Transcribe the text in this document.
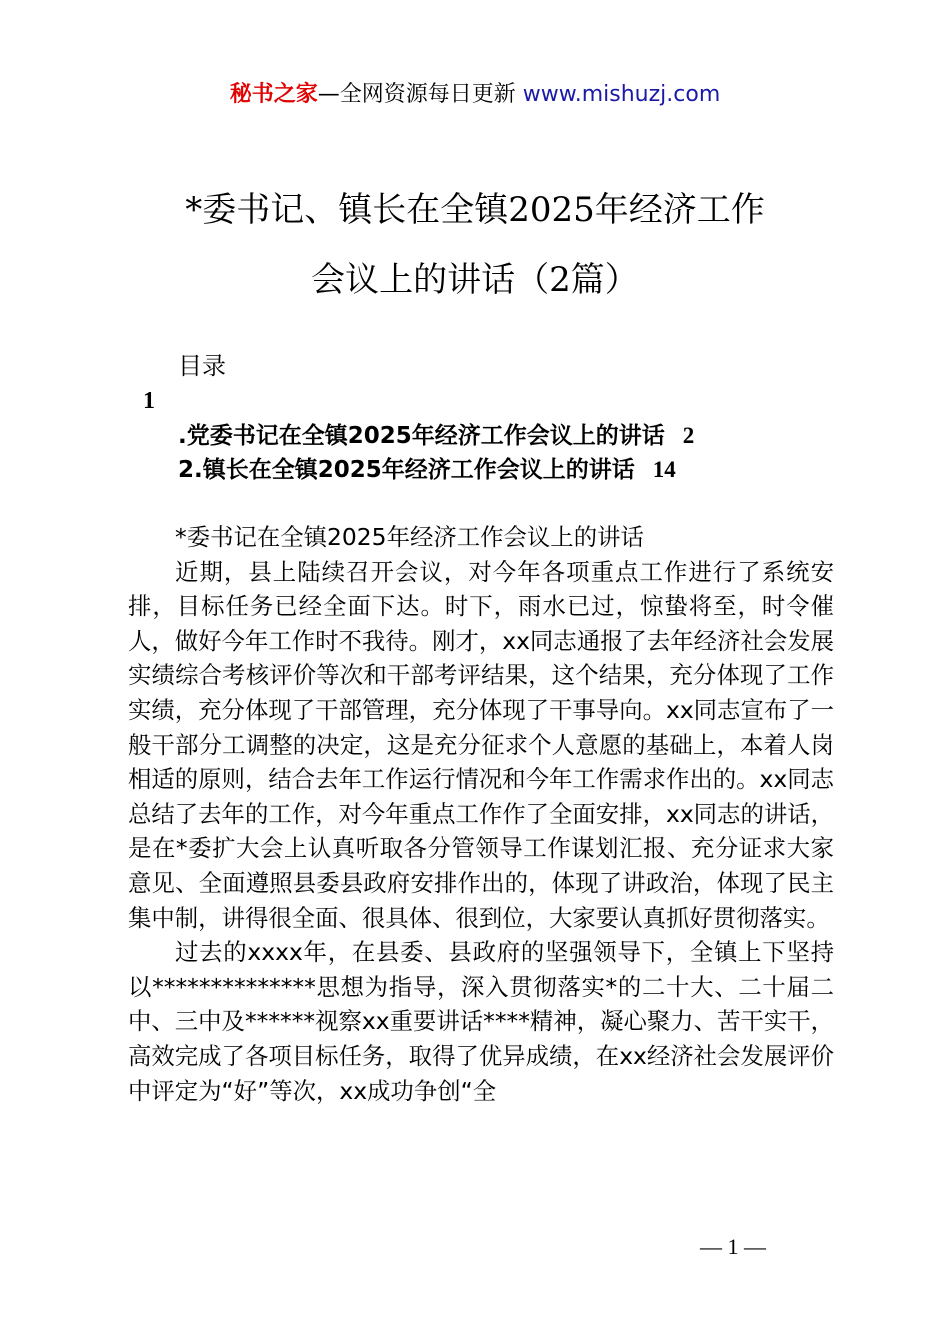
秘书之家—全网资源每日更新 www.mishuzj.com
*委书记、镇长在全镇2025年经济工作
会议上的讲话（2篇）
目录
1
.党委书记在全镇2025年经济工作会议上的讲话 2
2.镇长在全镇2025年经济工作会议上的讲话 14

*委书记在全镇2025年经济工作会议上的讲话

近期，县上陆续召开会议，对今年各项重点工作进行了系统安排，目标任务已经全面下达。时下，雨水已过，惊蛰将至，时令催人，做好今年工作时不我待。刚才，xx同志通报了去年经济社会发展实绩综合考核评价等次和干部考评结果，这个结果，充分体现了工作实绩，充分体现了干部管理，充分体现了干事导向。xx同志宣布了一般干部分工调整的决定，这是充分征求个人意愿的基础上，本着人岗相适的原则，结合去年工作运行情况和今年工作需求作出的。xx同志总结了去年的工作，对今年重点工作作了全面安排，xx同志的讲话，是在*委扩大会上认真听取各分管领导工作谋划汇报、充分证求大家意见、全面遵照县委县政府安排作出的，体现了讲政治，体现了民主集中制，讲得很全面、很具体、很到位，大家要认真抓好贯彻落实。

过去的xxxx年，在县委、县政府的坚强领导下，全镇上下坚持以**************思想为指导，深入贯彻落实*的二十大、二十届二中、三中及******视察xx重要讲话****精神，凝心聚力、苦干实干，高效完成了各项目标任务，取得了优异成绩，在xx经济社会发展评价中评定为“好”等次，xx成功争创“全

— 1 —
